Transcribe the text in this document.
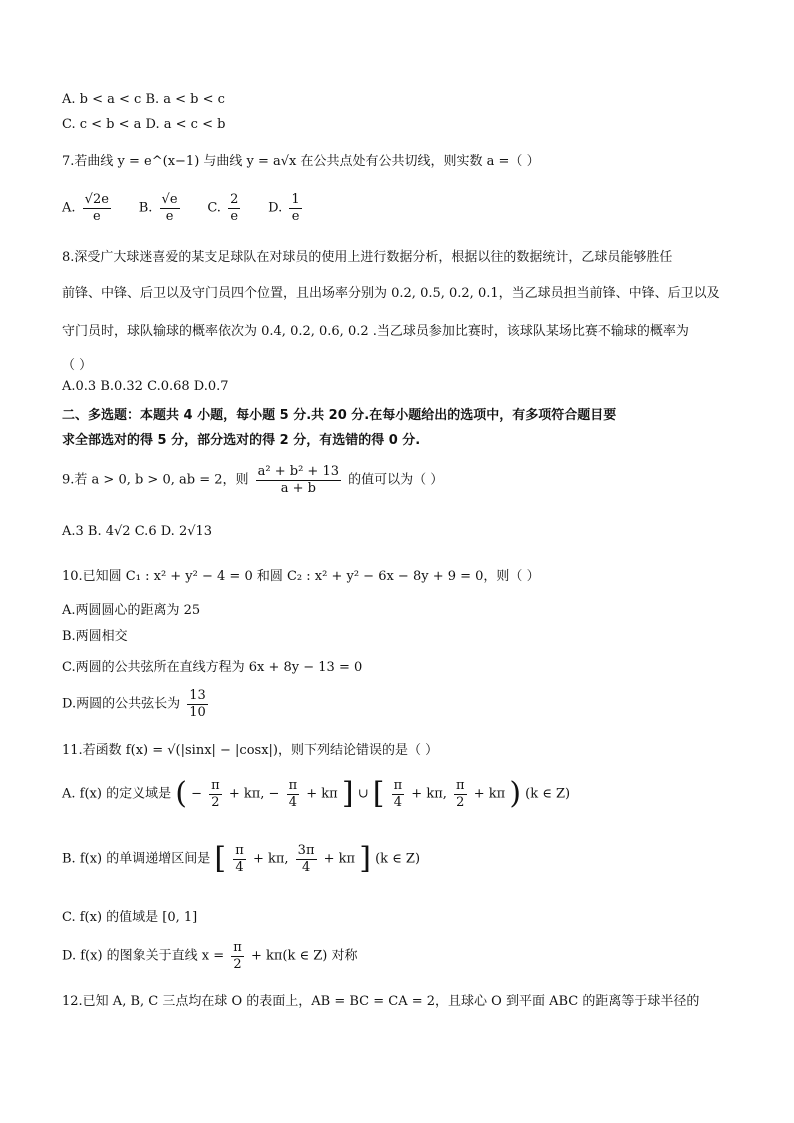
A. b < a < c B. a < b < c
C. c < b < a D. a < c < b
7.若曲线 y = e^(x−1) 与曲线 y = a√x 在公共点处有公共切线，则实数 a =（ ）
A. $\frac{√2e}{e} B$. $\frac{√e}{e} C$. $\frac{2}{e} D$. $\frac{1}{e}$
8.深受广大球迷喜爱的某支足球队在对球员的使用上进行数据分析，根据以往的数据统计，乙球员能够胜任
前锋、中锋、后卫以及守门员四个位置，且出场率分别为 0.2, 0.5, 0.2, 0.1，当乙球员担当前锋、中锋、后卫以及
守门员时，球队输球的概率依次为 0.4, 0.2, 0.6, 0.2 .当乙球员参加比赛时，该球队某场比赛不输球的概率为
（ ）
A.0.3 B.0.32 C.0.68 D.0.7
二、多选题：本题共 4 小题，每小题 5 分.共 20 分.在每小题给出的选项中，有多项符合题目要
求全部选对的得 5 分，部分选对的得 2 分，有选错的得 0 分.
9.若 a > 0, b > 0, ab = 2，则 $\frac{\text{a² + b² + 13}}{a + b}$ 的值可以为（ ）
A.3 B. 4√2 C.6 D. 2√13
10.已知圆 C₁ : x² + y² − 4 = 0 和圆 C₂ : x² + y² − 6x − 8y + 9 = 0，则（ ）
A.两圆圆心的距离为 25
B.两圆相交
C.两圆的公共弦所在直线方程为 6x + 8y − 13 = 0
D.两圆的公共弦长为 $\frac{13}{10}$
11.若函数 f(x) = √(|sinx| − |cosx|)，则下列结论错误的是（ ）
A. f(x) 的定义域是 ( − $\frac{\pi}{2} + k\pi$, − $\frac{\pi}{4} + k\pi$ ] ∪ [ $\frac{\pi}{4} + k\pi$, $\frac{\pi}{2} + k\pi$ ) (k ∈ Z)
B. f(x) 的单调递增区间是 [ $\frac{\pi}{4} + k\pi$, $\frac{3\pi}{4} + k\pi$ ] (k ∈ Z)
C. f(x) 的值域是 [0, 1]
D. f(x) 的图象关于直线 $x = \frac{\pi}{2} + k\pi(k$ ∈ Z) 对称
12.已知 A, B, C 三点均在球 O 的表面上，AB = BC = CA = 2，且球心 O 到平面 ABC 的距离等于球半径的
